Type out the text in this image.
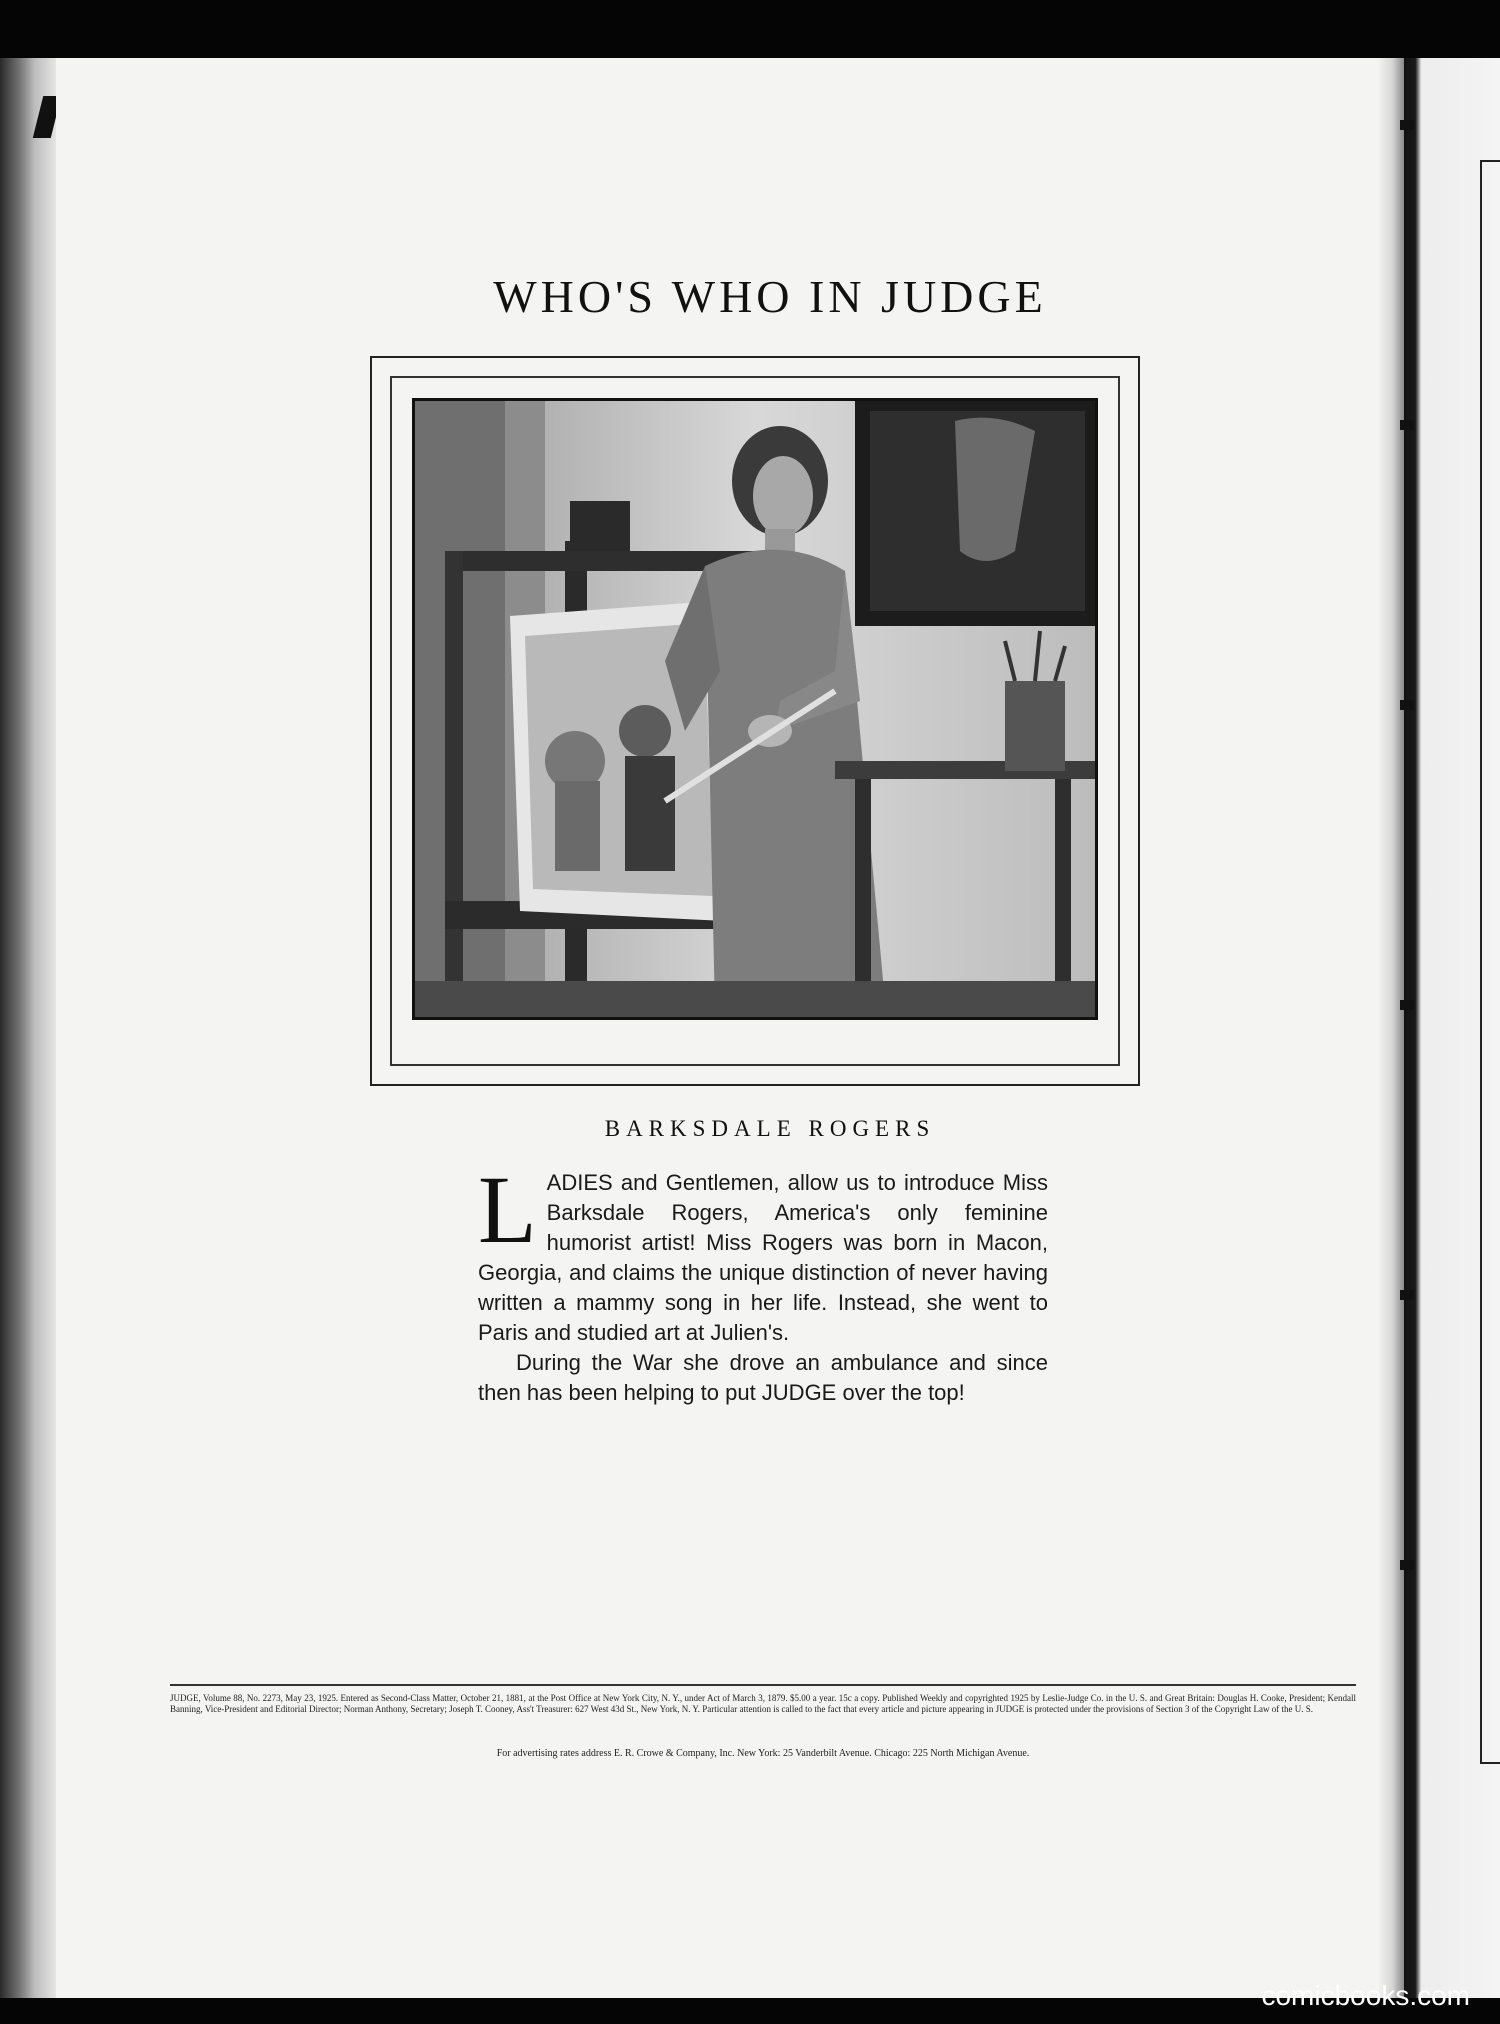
WHO'S WHO IN JUDGE
BARKSDALE ROGERS

LADIES and Gentlemen, allow us to introduce Miss Barksdale Rogers, America's only feminine humorist artist! Miss Rogers was born in Macon, Georgia, and claims the unique distinction of never having written a mammy song in her life. Instead, she went to Paris and studied art at Julien's.

During the War she drove an ambulance and since then has been helping to put JUDGE over the top!

JUDGE, Volume 88, No. 2273, May 23, 1925. Entered as Second-Class Matter, October 21, 1881, at the Post Office at New York City, N. Y., under Act of March 3, 1879. $5.00 a year. 15c a copy. Published Weekly and copyrighted 1925 by Leslie-Judge Co. in the U. S. and Great Britain: Douglas H. Cooke, President; Kendall Banning, Vice-President and Editorial Director; Norman Anthony, Secretary; Joseph T. Cooney, Ass't Treasurer: 627 West 43d St., New York, N. Y. Particular attention is called to the fact that every article and picture appearing in JUDGE is protected under the provisions of Section 3 of the Copyright Law of the U. S.
For advertising rates address E. R. Crowe & Company, Inc. New York: 25 Vanderbilt Avenue. Chicago: 225 North Michigan Avenue.
comicbooks.com
